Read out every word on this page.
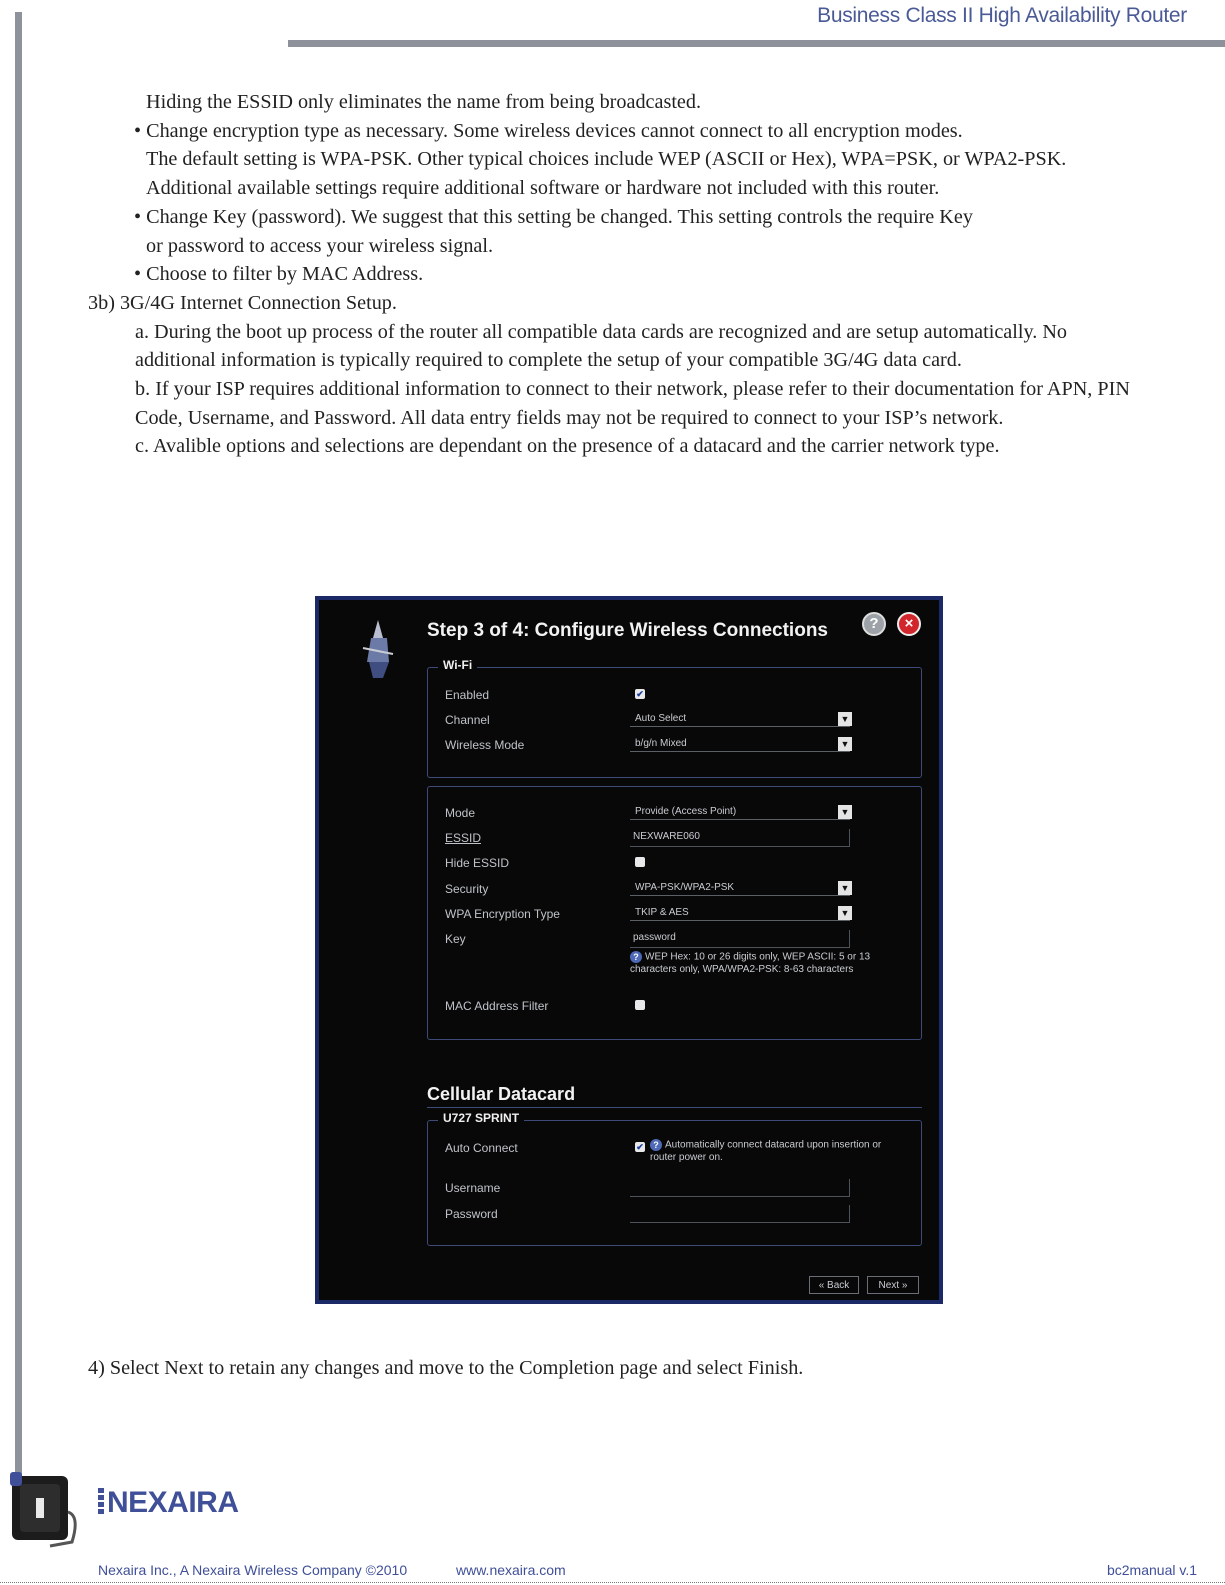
Business Class II High Availability Router

Hiding the ESSID only eliminates the name from being broadcasted.

• Change encryption type as necessary. Some wireless devices cannot connect to all encryption modes.
The default setting is WPA-PSK. Other typical choices include WEP (ASCII or Hex), WPA=PSK, or WPA2-PSK. Additional available settings require additional software or hardware not included with this router.

• Change Key (password). We suggest that this setting be changed. This setting controls the require Key
or password to access your wireless signal.

• Choose to filter by MAC Address.

3b) 3G/4G Internet Connection Setup.

a. During the boot up process of the router all compatible data cards are recognized and are setup automatically. No additional information is typically required to complete the setup of your compatible 3G/4G data card.

b. If your ISP requires additional information to connect to their network, please refer to their documentation for APN, PIN Code, Username, and Password. All data entry fields may not be required to connect to your ISP’s network.

c. Avalible options and selections are dependant on the presence of a datacard and the carrier network type.

Step 3 of 4: Configure Wireless Connections	?	×
Wi-Fi
Enabled	✔
Channel	Auto Select	▼
Wireless Mode	b/g/n Mixed	▼
Mode	Provide (Access Point)	▼
ESSID	NEXWARE060
Hide ESSID
Security	WPA-PSK/WPA2-PSK	▼
WPA Encryption Type	TKIP & AES	▼
Key	password
? WEP Hex: 10 or 26 digits only, WEP ASCII: 5 or 13 characters only, WPA/WPA2-PSK: 8-63 characters
MAC Address Filter
Cellular Datacard
U727 SPRINT
Auto Connect	✔	? Automatically connect datacard upon insertion or router power on.
Username
Password
« Back	Next »
4) Select Next to retain any changes and move to the Completion page and select Finish.
NEXAIRA
Nexaira Inc., A Nexaira Wireless Company ©2010	www.nexaira.com	bc2manual v.1
